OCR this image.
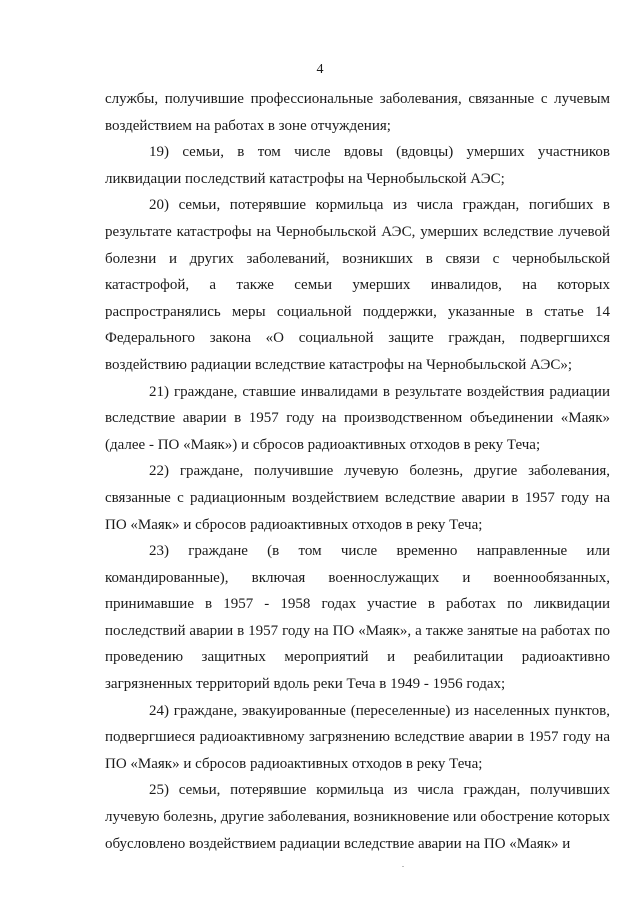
4

службы, получившие профессиональные заболевания, связанные с лучевым воздействием на работах в зоне отчуждения;

19) семьи, в том числе вдовы (вдовцы) умерших участников ликвидации последствий катастрофы на Чернобыльской АЭС;

20) семьи, потерявшие кормильца из числа граждан, погибших в результате катастрофы на Чернобыльской АЭС, умерших вследствие лучевой болезни и других заболеваний, возникших в связи с чернобыльской катастрофой, а также семьи умерших инвалидов, на которых распространялись меры социальной поддержки, указанные в статье 14 Федерального закона «О социальной защите граждан, подвергшихся воздействию радиации вследствие катастрофы на Чернобыльской АЭС»;

21) граждане, ставшие инвалидами в результате воздействия радиации вследствие аварии в 1957 году на производственном объединении «Маяк» (далее - ПО «Маяк») и сбросов радиоактивных отходов в реку Теча;

22) граждане, получившие лучевую болезнь, другие заболевания, связанные с радиационным воздействием вследствие аварии в 1957 году на ПО «Маяк» и сбросов радиоактивных отходов в реку Теча;

23) граждане (в том числе временно направленные или командированные), включая военнослужащих и военнообязанных, принимавшие в 1957 - 1958 годах участие в работах по ликвидации последствий аварии в 1957 году на ПО «Маяк», а также занятые на работах по проведению защитных мероприятий и реабилитации радиоактивно загрязненных территорий вдоль реки Теча в 1949 - 1956 годах;

24) граждане, эвакуированные (переселенные) из населенных пунктов, подвергшиеся радиоактивному загрязнению вследствие аварии в 1957 году на ПО «Маяк» и сбросов радиоактивных отходов в реку Теча;

25) семьи, потерявшие кормильца из числа граждан, получивших лучевую болезнь, другие заболевания, возникновение или обострение которых обусловлено воздействием радиации вследствие аварии на ПО «Маяк» и
